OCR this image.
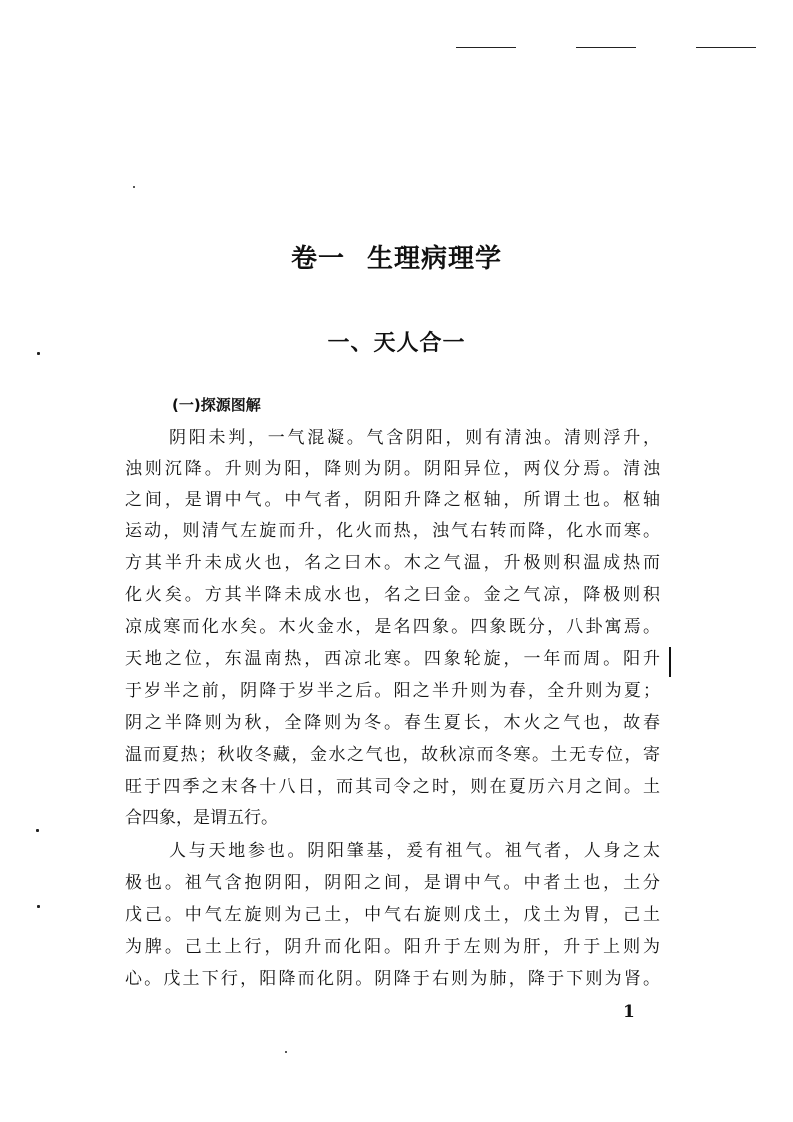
卷一 生理病理学
一、天人合一
(一)探源图解
阴阳未判，一气混凝。气含阴阳，则有清浊。清则浮升，
浊则沉降。升则为阳，降则为阴。阴阳异位，两仪分焉。清浊
之间，是谓中气。中气者，阴阳升降之枢轴，所谓土也。枢轴
运动，则清气左旋而升，化火而热，浊气右转而降，化水而寒。
方其半升未成火也，名之曰木。木之气温，升极则积温成热而
化火矣。方其半降未成水也，名之曰金。金之气凉，降极则积
凉成寒而化水矣。木火金水，是名四象。四象既分，八卦寓焉。
天地之位，东温南热，西凉北寒。四象轮旋，一年而周。阳升
于岁半之前，阴降于岁半之后。阳之半升则为春，全升则为夏；
阴之半降则为秋，全降则为冬。春生夏长，木火之气也，故春
温而夏热；秋收冬藏，金水之气也，故秋凉而冬寒。土无专位，寄
旺于四季之末各十八日，而其司令之时，则在夏历六月之间。土
合四象，是谓五行。
人与天地参也。阴阳肇基，爰有祖气。祖气者，人身之太
极也。祖气含抱阴阳，阴阳之间，是谓中气。中者土也，土分
戊己。中气左旋则为己土，中气右旋则戊土，戊土为胃，己土
为脾。己土上行，阴升而化阳。阳升于左则为肝，升于上则为
心。戊土下行，阳降而化阴。阴降于右则为肺，降于下则为肾。
1
